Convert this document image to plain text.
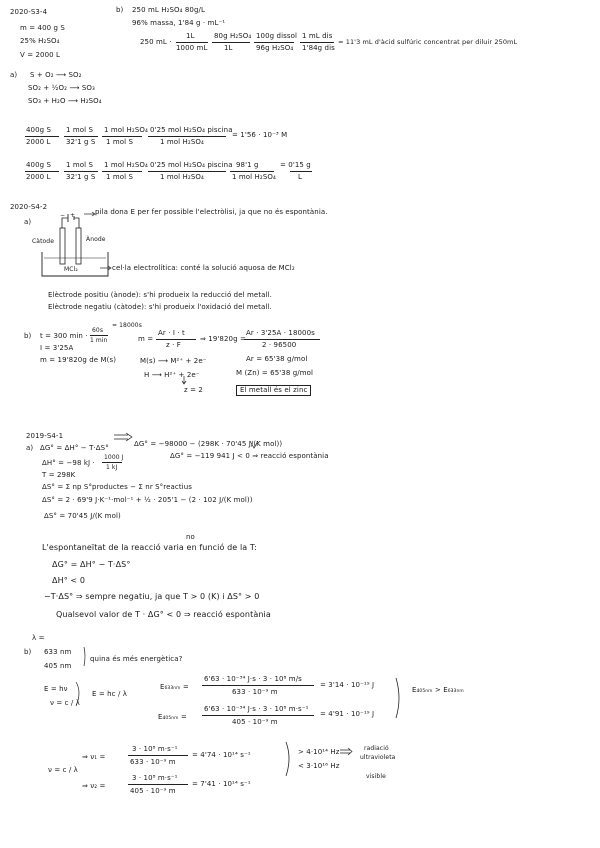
2020-S3-4
m = 400 g S
25% H₂SO₄
V = 2000 L
a) S + O₂ ⟶ SO₂
SO₂ + ½O₂ ⟶ SO₃
SO₃ + H₂O ⟶ H₂SO₄
400g S
2000 L
1 mol S
32'1 g S
1 mol H₂SO₄
1 mol S
0'25 mol H₂SO₄ piscina
1 mol H₂SO₄
= 1'56 · 10⁻³ M
400g S
2000 L
1 mol S
32'1 g S
1 mol H₂SO₄
1 mol S
0'25 mol H₂SO₄ piscina
1 mol H₂SO₄
98'1 g
1 mol H₂SO₄
= 0'15 g
L
b) 250 mL H₂SO₄ 80g/L
96% massa, 1'84 g · mL⁻¹
250 mL ·
1L
1000 mL
80g H₂SO₄
1L
100g dissol
96g H₂SO₄
1 mL dis
1'84g dis
= 11'3 mL d'àcid sulfúric concentrat per diluir 250mL
2020-S4-2
a)
pila dona E per fer possible l'electròlisi, ja que no és espontània.
Càtode	Ànode
− +
MCl₂	cel·la electrolítica: conté la solució aquosa de MCl₂
Elèctrode positiu (ànode): s'hi produeix la reducció del metall.
Elèctrode negatiu (càtode): s'hi produeix l'oxidació del metall.
b) t = 300 min ·
60s
1 min
= 18000s
I = 3'25A
m = 19'820g de M(s)
m =
Ar · I · t
z · F
⇒ 19'820g =
Ar · 3'25A · 18000s
2 · 96500
M(s) ⟶ M²⁺ + 2e⁻
H ⟶ H²⁺ + 2e⁻
z = 2
Ar = 65'38 g/mol
M (Zn) = 65'38 g/mol
El metall és el zinc
2019-S4-1
a) ΔG° = ΔH° − T·ΔS°	ΔG° = −98000 − (298K · 70'45 J/(K mol))
ΔG° = −119 941 J < 0 ⇒ reacció espontània
ΔH° = −98 kJ ·
1000 J
1 kJ
T = 298K
ΔS° = Σ np S°productes − Σ nr S°reactius
ΔS° = 2 · 69'9 J·K⁻¹·mol⁻¹ + ½ · 205'1 − (2 · 102 J/(K mol))
ΔS° = 70'45 J/(K mol)
no
L'espontaneïtat de la reacció varia en funció de la T:
ΔG° = ΔH° − T·ΔS°
ΔH° < 0
−T·ΔS° ⇒ sempre negatiu, ja que T > 0 (K) i ΔS° > 0
Qualsevol valor de T · ΔG° < 0 ⇒ reacció espontània
λ =
b) 633 nm
405 nm
quina és més energètica?
E = hν
ν = c / λ
E = hc / λ
E₆₃₃ₙₘ =
6'63 · 10⁻³⁴ J·s · 3 · 10⁸ m/s
633 · 10⁻⁹ m
= 3'14 · 10⁻¹⁹ J
E₄₀₅ₙₘ =
6'63 · 10⁻³⁴ J·s · 3 · 10⁸ m·s⁻¹
405 · 10⁻⁹ m
= 4'91 · 10⁻¹⁹ J
E₄₀₅ₙₘ > E₆₃₃ₙₘ
ν = c / λ
⇒ ν₁ =
3 · 10⁸ m·s⁻¹
633 · 10⁻⁹ m
= 4'74 · 10¹⁴ s⁻¹
⇒ ν₂ =
3 · 10⁸ m·s⁻¹
405 · 10⁻⁹ m
= 7'41 · 10¹⁴ s⁻¹
> 4·10¹⁴ Hz
< 3·10¹⁶ Hz
radiació
ultravioleta
visible
